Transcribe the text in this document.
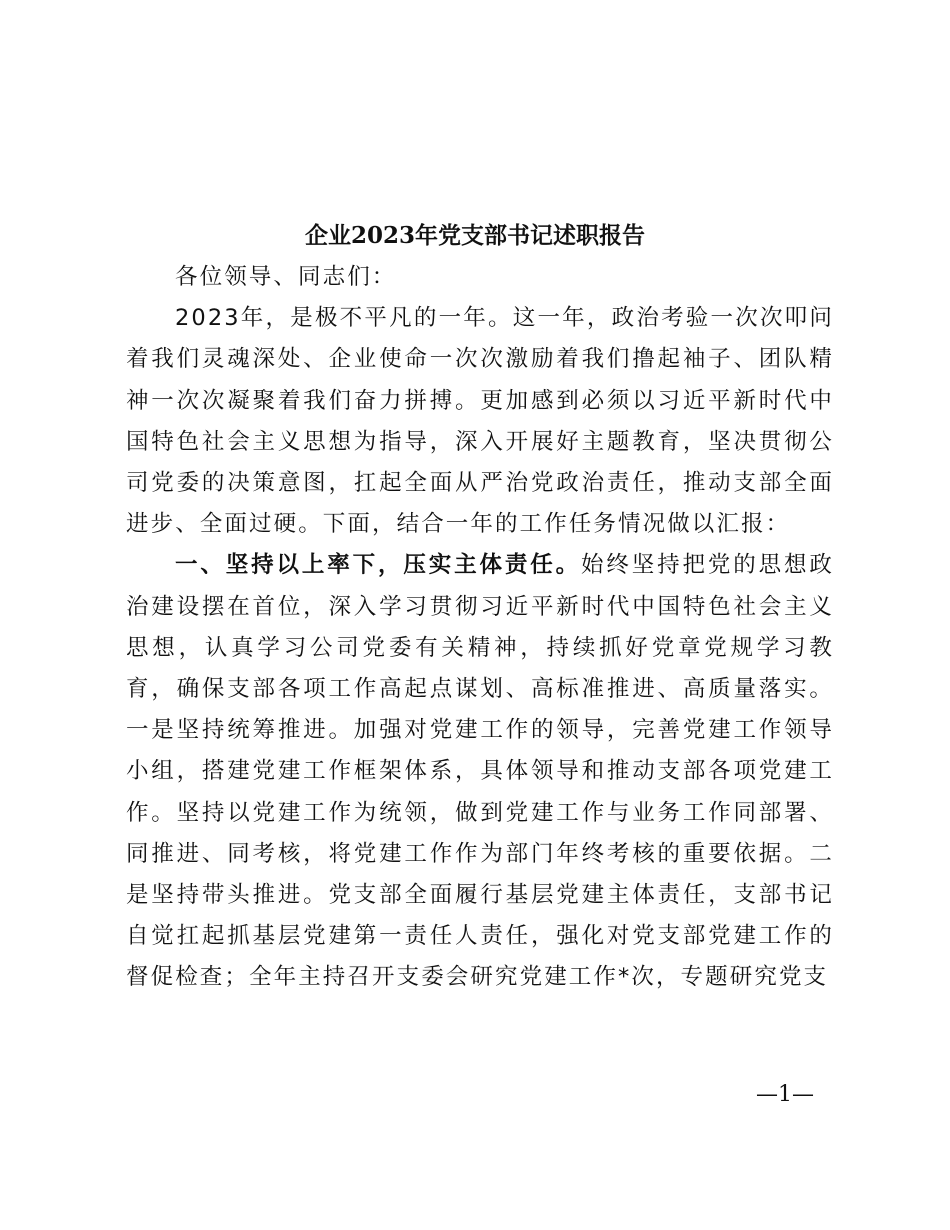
企业2023年党支部书记述职报告

各位领导、同志们：

2023年，是极不平凡的一年。这一年，政治考验一次次叩问着我们灵魂深处、企业使命一次次激励着我们撸起袖子、团队精神一次次凝聚着我们奋力拼搏。更加感到必须以习近平新时代中国特色社会主义思想为指导，深入开展好主题教育，坚决贯彻公司党委的决策意图，扛起全面从严治党政治责任，推动支部全面进步、全面过硬。下面，结合一年的工作任务情况做以汇报：

一、坚持以上率下，压实主体责任。始终坚持把党的思想政治建设摆在首位，深入学习贯彻习近平新时代中国特色社会主义思想，认真学习公司党委有关精神，持续抓好党章党规学习教育，确保支部各项工作高起点谋划、高标准推进、高质量落实。一是坚持统筹推进。加强对党建工作的领导，完善党建工作领导小组，搭建党建工作框架体系，具体领导和推动支部各项党建工作。坚持以党建工作为统领，做到党建工作与业务工作同部署、同推进、同考核，将党建工作作为部门年终考核的重要依据。二是坚持带头推进。党支部全面履行基层党建主体责任，支部书记自觉扛起抓基层党建第一责任人责任，强化对党支部党建工作的督促检查；全年主持召开支委会研究党建工作*次，专题研究党支

—1—
